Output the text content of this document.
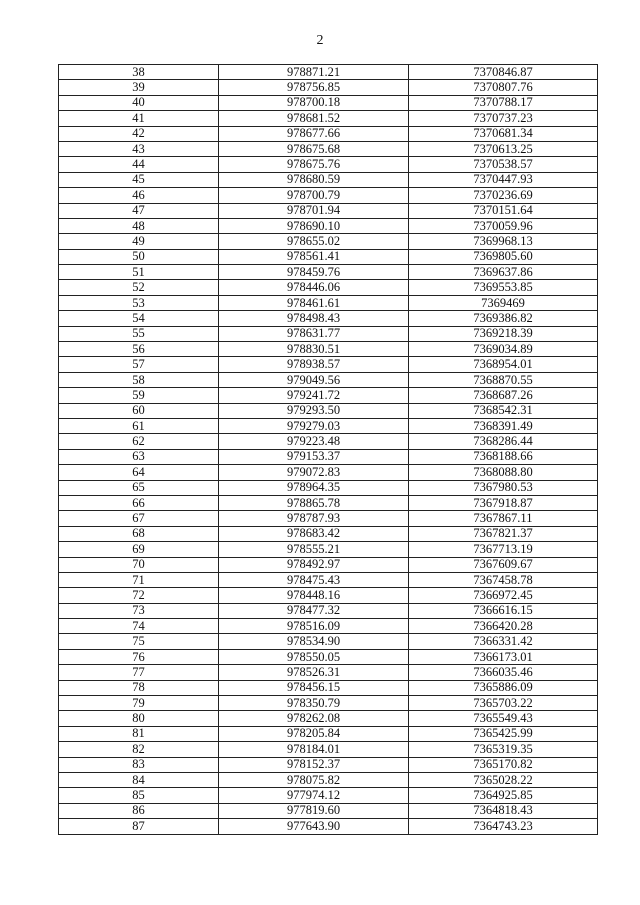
2
38	978871.21	7370846.87
39	978756.85	7370807.76
40	978700.18	7370788.17
41	978681.52	7370737.23
42	978677.66	7370681.34
43	978675.68	7370613.25
44	978675.76	7370538.57
45	978680.59	7370447.93
46	978700.79	7370236.69
47	978701.94	7370151.64
48	978690.10	7370059.96
49	978655.02	7369968.13
50	978561.41	7369805.60
51	978459.76	7369637.86
52	978446.06	7369553.85
53	978461.61	7369469
54	978498.43	7369386.82
55	978631.77	7369218.39
56	978830.51	7369034.89
57	978938.57	7368954.01
58	979049.56	7368870.55
59	979241.72	7368687.26
60	979293.50	7368542.31
61	979279.03	7368391.49
62	979223.48	7368286.44
63	979153.37	7368188.66
64	979072.83	7368088.80
65	978964.35	7367980.53
66	978865.78	7367918.87
67	978787.93	7367867.11
68	978683.42	7367821.37
69	978555.21	7367713.19
70	978492.97	7367609.67
71	978475.43	7367458.78
72	978448.16	7366972.45
73	978477.32	7366616.15
74	978516.09	7366420.28
75	978534.90	7366331.42
76	978550.05	7366173.01
77	978526.31	7366035.46
78	978456.15	7365886.09
79	978350.79	7365703.22
80	978262.08	7365549.43
81	978205.84	7365425.99
82	978184.01	7365319.35
83	978152.37	7365170.82
84	978075.82	7365028.22
85	977974.12	7364925.85
86	977819.60	7364818.43
87	977643.90	7364743.23
